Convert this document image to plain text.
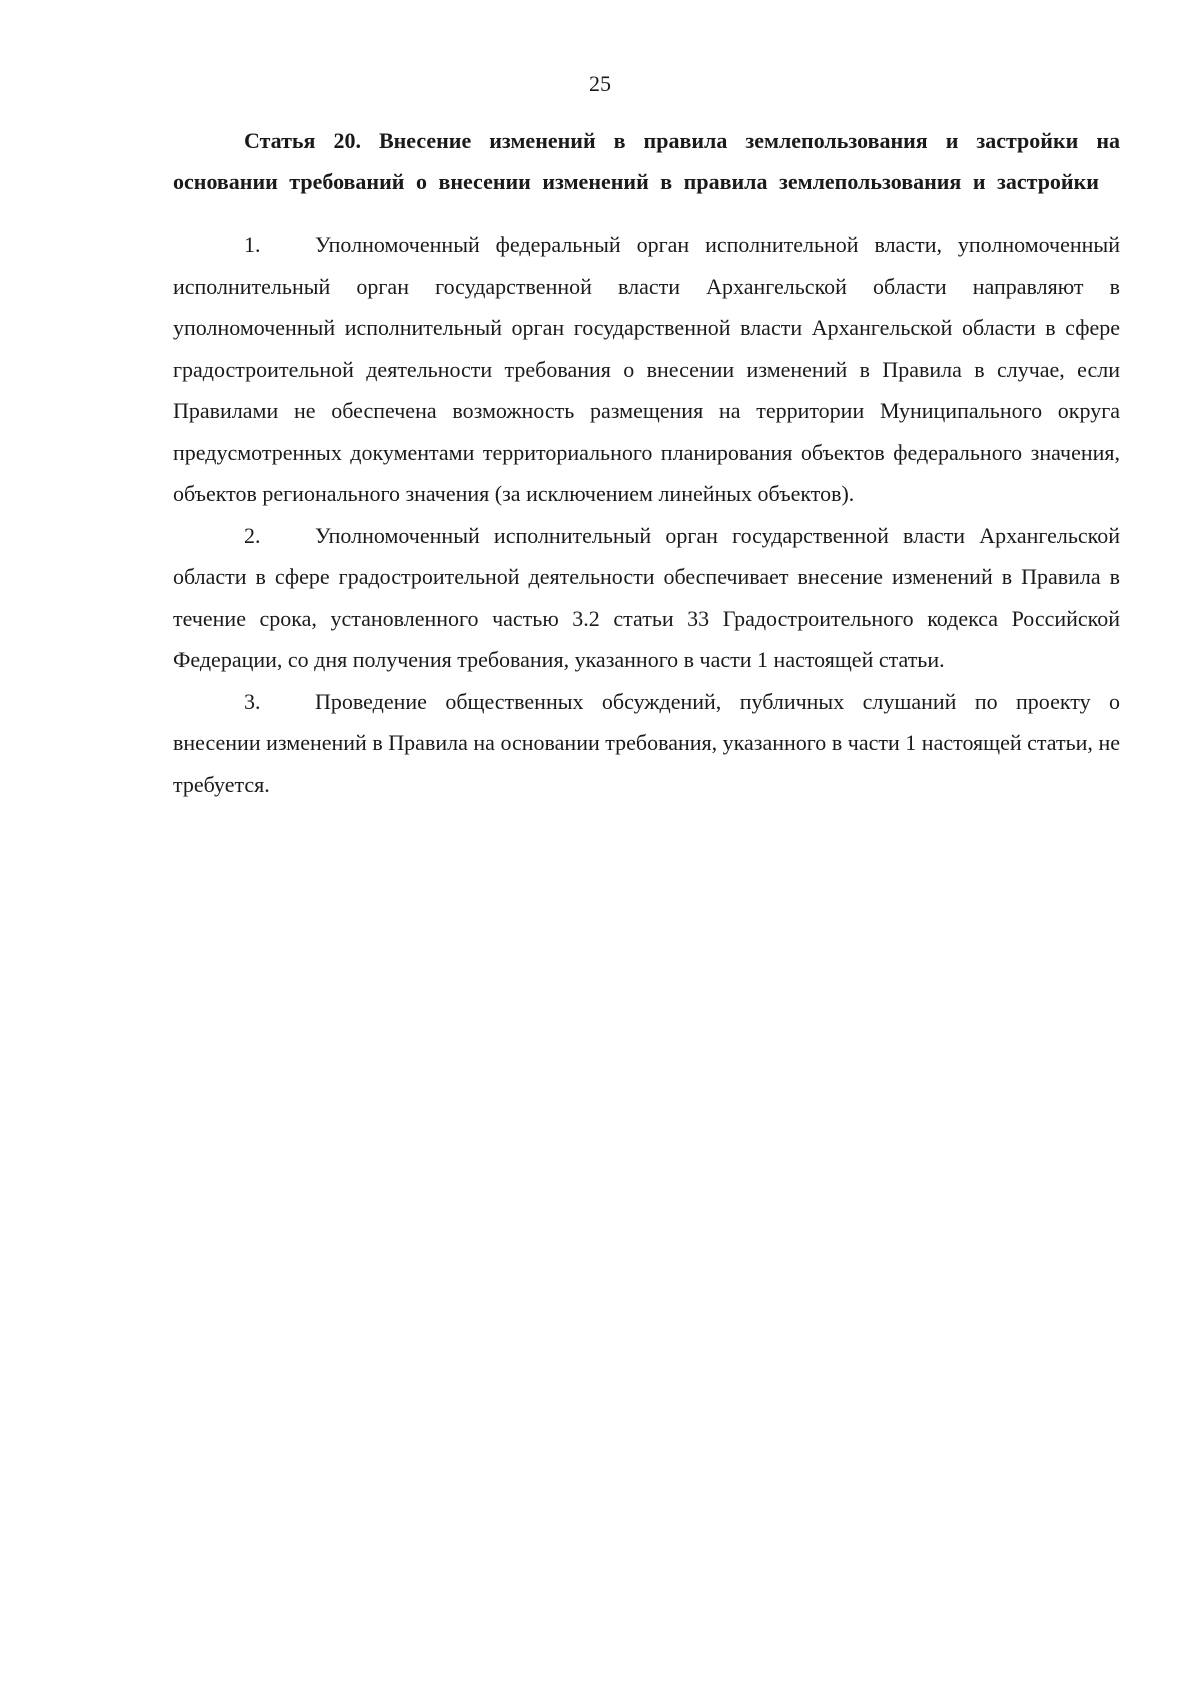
25
Статья 20. Внесение изменений в правила землепользования и застройки на основании требований о внесении изменений в правила землепользования и застройки

1. Уполномоченный федеральный орган исполнительной власти, уполномоченный исполнительный орган государственной власти Архангельской области направляют в уполномоченный исполнительный орган государственной власти Архангельской области в сфере градостроительной деятельности требования о внесении изменений в Правила в случае, если Правилами не обеспечена возможность размещения на территории Муниципального округа предусмотренных документами территориального планирования объектов федерального значения, объектов регионального значения (за исключением линейных объектов).

2. Уполномоченный исполнительный орган государственной власти Архангельской области в сфере градостроительной деятельности обеспечивает внесение изменений в Правила в течение срока, установленного частью 3.2 статьи 33 Градостроительного кодекса Российской Федерации, со дня получения требования, указанного в части 1 настоящей статьи.

3. Проведение общественных обсуждений, публичных слушаний по проекту о внесении изменений в Правила на основании требования, указанного в части 1 настоящей статьи, не требуется.
